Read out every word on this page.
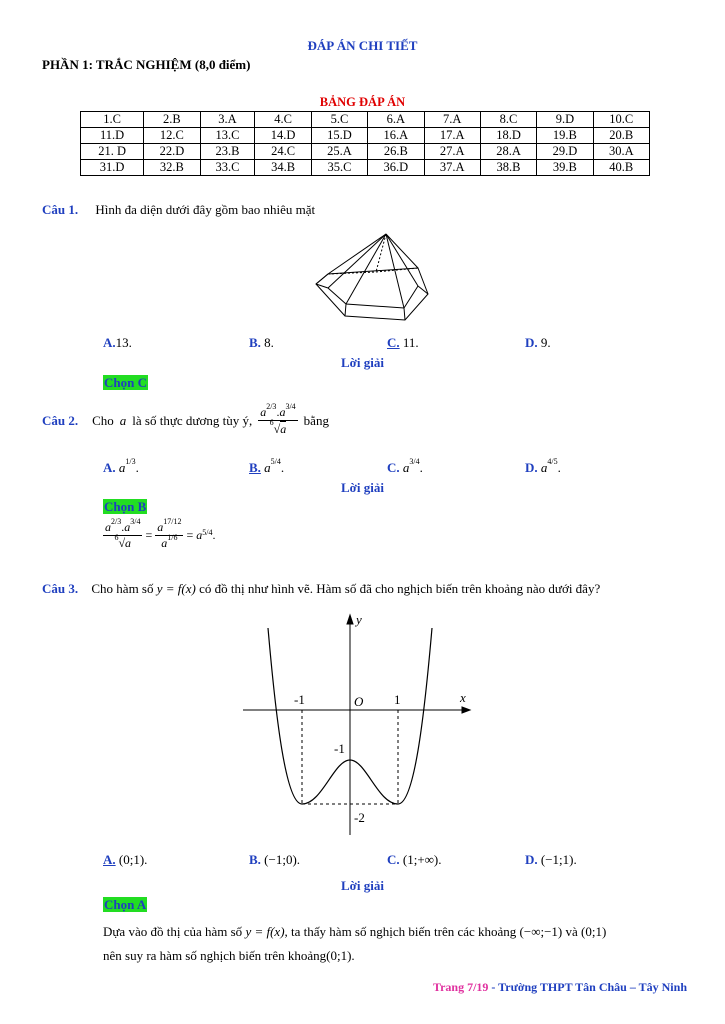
ĐÁP ÁN CHI TIẾT
PHẦN 1: TRẮC NGHIỆM (8,0 điểm)
BẢNG ĐÁP ÁN
1.C	2.B	3.A	4.C	5.C	6.A	7.A	8.C	9.D	10.C
11.D	12.C	13.C	14.D	15.D	16.A	17.A	18.D	19.B	20.B
21. D	22.D	23.B	24.C	25.A	26.B	27.A	28.A	29.D	30.A
31.D	32.B	33.C	34.B	35.C	36.D	37.A	38.B	39.B	40.B
Câu 1. Hình đa diện dưới đây gồm bao nhiêu mặt
A.13.	B. 8.	C. 11.	D. 9.
Lời giải
Chọn C
Câu 2. Cho a là số thực dương tùy ý, $\frac{a^{2/3}.a^{3/4}}{^6√a}$ bằng
A. $a^{1/3}$.	B. $a^{5/4}$.	C. $a^{3/4}$.	D. $a^{4/5}$.
Lời giải
Chọn B
$\frac{a^{2/3}.a^{3/4}}{^6√a} = \frac{a^{17/12}}{a^{1/6}} = a$ 5/4 .
Câu 3. Cho hàm số y = f(x) có đồ thị như hình vẽ. Hàm số đã cho nghịch biến trên khoảng nào dưới đây?
x
y
O
-1	1
-1
-2
A. (0;1).	B. (−1;0).	C. (1;+∞).	D. (−1;1).
Lời giải
Chọn A
Dựa vào đồ thị của hàm số y = f(x), ta thấy hàm số nghịch biến trên các khoảng (−∞;−1) và (0;1)
nên suy ra hàm số nghịch biến trên khoảng(0;1).
Trang 7/19 - Trường THPT Tân Châu – Tây Ninh
